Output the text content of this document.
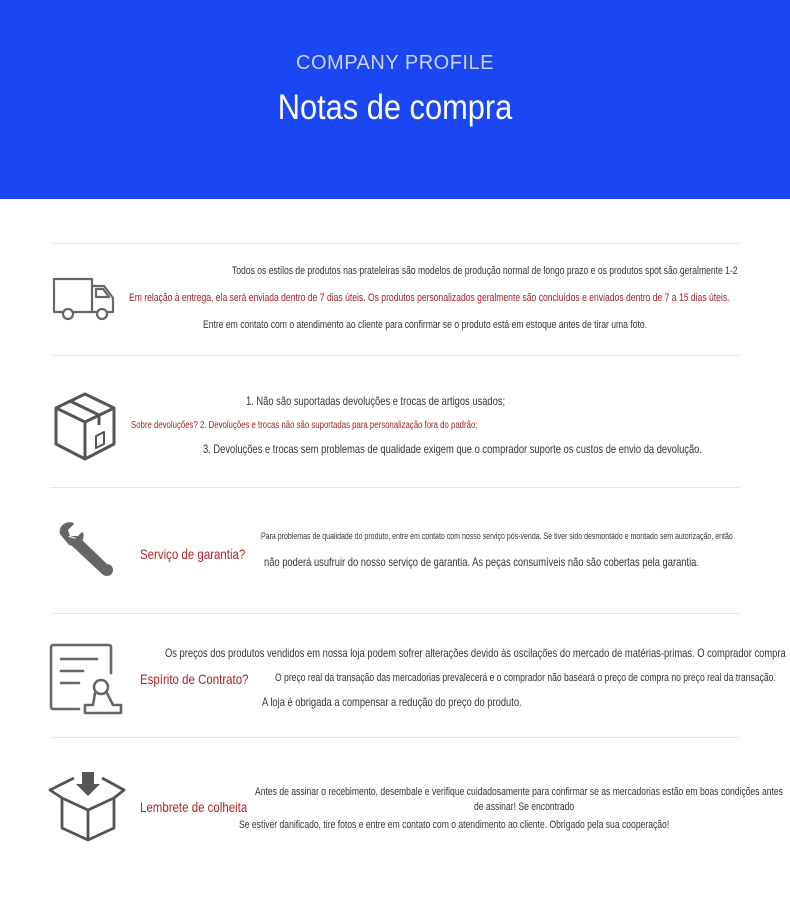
COMPANY PROFILE
Notas de compra
Todos os estilos de produtos nas prateleiras são modelos de produção normal de longo prazo e os produtos spot são geralmente 1-2
Em relação à entrega, ela será enviada dentro de 7 dias úteis. Os produtos personalizados geralmente são concluídos e enviados dentro de 7 a 15 dias úteis.
Entre em contato com o atendimento ao cliente para confirmar se o produto está em estoque antes de tirar uma foto.
1. Não são suportadas devoluções e trocas de artigos usados;
Sobre devoluções? 2. Devoluções e trocas não são suportadas para personalização fora do padrão;
3. Devoluções e trocas sem problemas de qualidade exigem que o comprador suporte os custos de envio da devolução.
Serviço de garantia?
Para problemas de qualidade do produto, entre em contato com nosso serviço pós-venda. Se tiver sido desmontado e montado sem autorização, então
não poderá usufruir do nosso serviço de garantia. As peças consumíveis não são cobertas pela garantia.
Espírito de Contrato?
Os preços dos produtos vendidos em nossa loja podem sofrer alterações devido às oscilações do mercado de matérias-primas. O comprador compra
O preço real da transação das mercadorias prevalecerá e o comprador não baseará o preço de compra no preço real da transação.
A loja é obrigada a compensar a redução do preço do produto.
Lembrete de colheita
Antes de assinar o recebimento, desembale e verifique cuidadosamente para confirmar se as mercadorias estão em boas condições antes
de assinar! Se encontrado
Se estiver danificado, tire fotos e entre em contato com o atendimento ao cliente. Obrigado pela sua cooperação!
